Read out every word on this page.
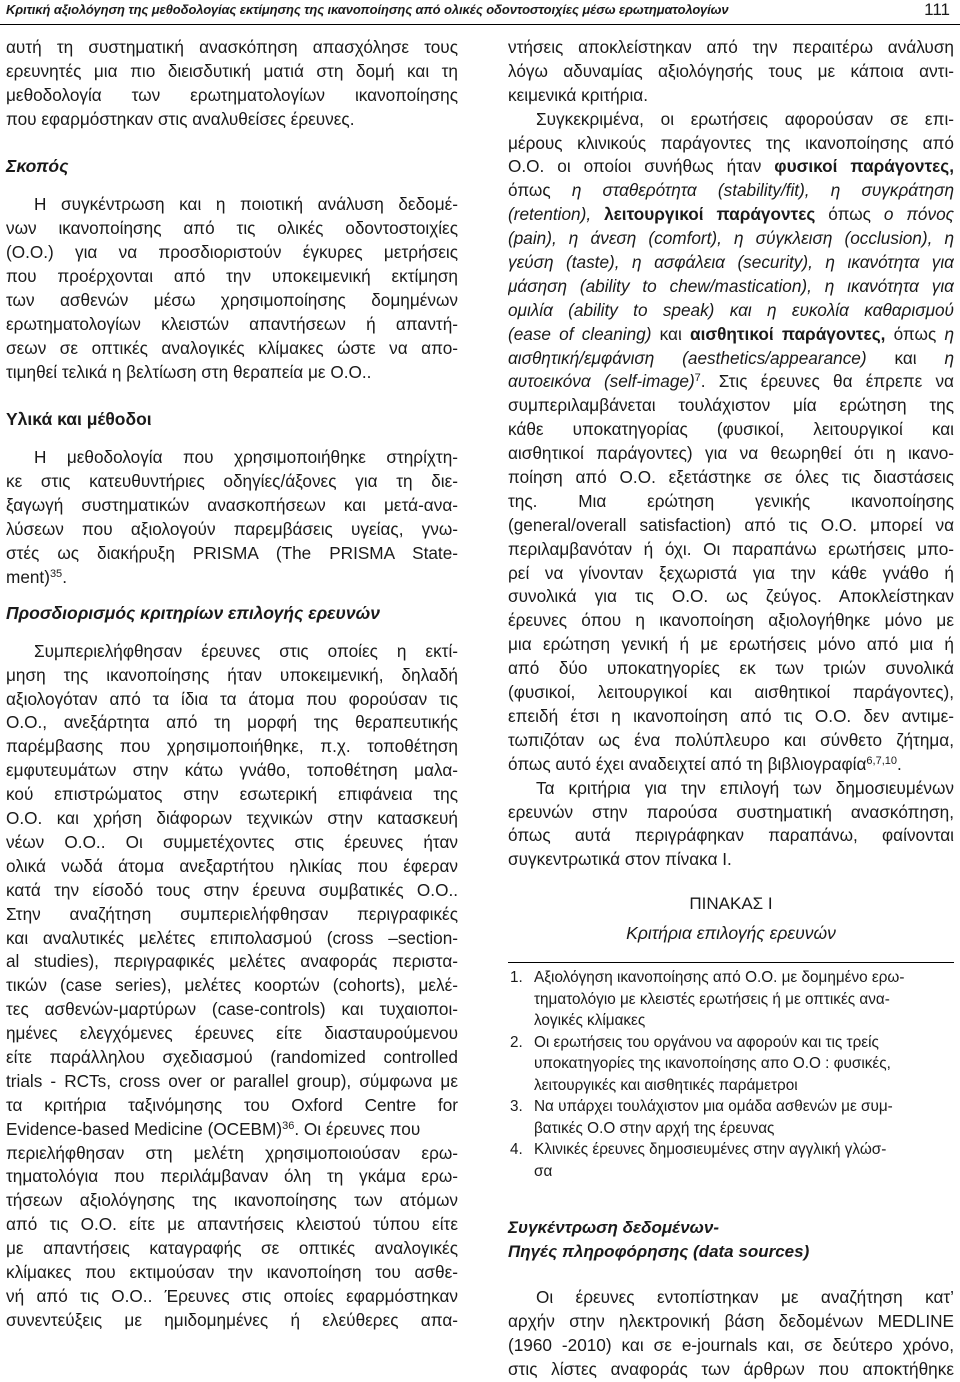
Κριτική αξιολόγηση της μεθοδολογίας εκτίμησης της ικανοποίησης από ολικές οδοντοστοιχίες μέσω ερωτηματολογίων	111
αυτή τη συστηματική ανασκόπηση απασχόλησε τους
ερευνητές μια πιο διεισδυτική ματιά στη δομή και τη
μεθοδολογία των ερωτηματολογίων ικανοποίησης
που εφαρμόστηκαν στις αναλυθείσες έρευνες.
Σκοπός
Η συγκέντρωση και η ποιοτική ανάλυση δεδομέ-
νων ικανοποίησης από τις ολικές οδοντοστοιχίες
(Ο.Ο.) για να προσδιοριστούν έγκυρες μετρήσεις
που προέρχονται από την υποκειμενική εκτίμηση
των ασθενών μέσω χρησιμοποίησης δομημένων
ερωτηματολογίων κλειστών απαντήσεων ή απαντή-
σεων σε οπτικές αναλογικές κλίμακες ώστε να απο-
τιμηθεί τελικά η βελτίωση στη θεραπεία με Ο.Ο..
Υλικά και μέθοδοι
Η μεθοδολογία που χρησιμοποιήθηκε στηρίχτη-
κε στις κατευθυντήριες οδηγίες/άξονες για τη διε-
ξαγωγή συστηματικών ανασκοπήσεων και μετά-ανα-
λύσεων που αξιολογούν παρεμβάσεις υγείας, γνω-
στές ως διακήρυξη PRISMA (The PRISMA State-
ment)$^{35}$.
Προσδιορισμός κριτηρίων επιλογής ερευνών
Συμπεριελήφθησαν έρευνες στις οποίες η εκτί-
μηση της ικανοποίησης ήταν υποκειμενική, δηλαδή
αξιολογόταν από τα ίδια τα άτομα που φορούσαν τις
Ο.Ο., ανεξάρτητα από τη μορφή της θεραπευτικής
παρέμβασης που χρησιμοποιήθηκε, π.χ. τοποθέτηση
εμφυτευμάτων στην κάτω γνάθο, τοποθέτηση μαλα-
κού επιστρώματος στην εσωτερική επιφάνεια της
Ο.Ο. και χρήση διάφορων τεχνικών στην κατασκευή
νέων Ο.Ο.. Οι συμμετέχοντες στις έρευνες ήταν
ολικά νωδά άτομα ανεξαρτήτου ηλικίας που έφεραν
κατά την είσοδό τους στην έρευνα συμβατικές Ο.Ο..
Στην αναζήτηση συμπεριελήφθησαν περιγραφικές
και αναλυτικές μελέτες επιπολασμού (cross –section-
al studies), περιγραφικές μελέτες αναφοράς περιστα-
τικών (case series), μελέτες κοορτών (cohorts), μελέ-
τες ασθενών-μαρτύρων (case-controls) και τυχαιοποι-
ημένες ελεγχόμενες έρευνες είτε διασταυρούμενου
είτε παράλληλου σχεδιασμού (randomized controlled
trials - RCTs, cross over or parallel group), σύμφωνα με
τα κριτήρια ταξινόμησης του Oxford Centre for
Evidence-based Medicine (OCEBM)$^{36}$. Οι έρευνες που
περιελήφθησαν στη μελέτη χρησιμοποιούσαν ερω-
τηματολόγια που περιλάμβαναν όλη τη γκάμα ερω-
τήσεων αξιολόγησης της ικανοποίησης των ατόμων
από τις Ο.Ο. είτε με απαντήσεις κλειστού τύπου είτε
με απαντήσεις καταγραφής σε οπτικές αναλογικές
κλίμακες που εκτιμούσαν την ικανοποίηση του ασθε-
νή από τις Ο.Ο.. Έρευνες στις οποίες εφαρμόστηκαν
συνεντεύξεις με ημιδομημένες ή ελεύθερες απα-
ντήσεις αποκλείστηκαν από την περαιτέρω ανάλυση
λόγω αδυναμίας αξιολόγησής τους με κάποια αντι-
κειμενικά κριτήρια.
Συγκεκριμένα, οι ερωτήσεις αφορούσαν σε επι-
μέρους κλινικούς παράγοντες της ικανοποίησης από
Ο.Ο. οι οποίοι συνήθως ήταν φυσικοί παράγοντες,
όπως η σταθερότητα (stability/fit), η συγκράτηση
(retention), λειτουργικοί παράγοντες όπως ο πόνος
(pain), η άνεση (comfort), η σύγκλειση (occlusion), η
γεύση (taste), η ασφάλεια (security), η ικανότητα για
μάσηση (ability to chew/mastication), η ικανότητα για
ομιλία (ability to speak) και η ευκολία καθαρισμού
(ease of cleaning) και αισθητικοί παράγοντες, όπως η
αισθητική/εμφάνιση (aesthetics/appearance) και η
αυτοεικόνα (self-image)$^7$. Στις έρευνες θα έπρεπε να
συμπεριλαμβάνεται τουλάχιστον μία ερώτηση της
κάθε υποκατηγορίας (φυσικοί, λειτουργικοί και
αισθητικοί παράγοντες) για να θεωρηθεί ότι η ικανο-
ποίηση από Ο.Ο. εξετάστηκε σε όλες τις διαστάσεις
της. Μια ερώτηση γενικής ικανοποίησης
(general/overall satisfaction) από τις Ο.Ο. μπορεί να
περιλαμβανόταν ή όχι. Οι παραπάνω ερωτήσεις μπο-
ρεί να γίνονταν ξεχωριστά για την κάθε γνάθο ή
συνολικά για τις Ο.Ο. ως ζεύγος. Αποκλείστηκαν
έρευνες όπου η ικανοποίηση αξιολογήθηκε μόνο με
μια ερώτηση γενική ή με ερωτήσεις μόνο από μια ή
από δύο υποκατηγορίες εκ των τριών συνολικά
(φυσικοί, λειτουργικοί και αισθητικοί παράγοντες),
επειδή έτσι η ικανοποίηση από τις Ο.Ο. δεν αντιμε-
τωπιζόταν ως ένα πολύπλευρο και σύνθετο ζήτημα,
όπως αυτό έχει αναδειχτεί από τη βιβλιογραφία$^{6,7,10}$.
Τα κριτήρια για την επιλογή των δημοσιευμένων
ερευνών στην παρούσα συστηματική ανασκόπηση,
όπως αυτά περιγράφηκαν παραπάνω, φαίνονται
συγκεντρωτικά στον πίνακα Ι.
ΠΙΝΑΚΑΣ Ι
Κριτήρια επιλογής ερευνών
1. Αξιολόγηση ικανοποίησης από Ο.Ο. με δομημένο ερω-
τηματολόγιο με κλειστές ερωτήσεις ή με οπτικές ανα-
λογικές κλίμακες
2. Οι ερωτήσεις του οργάνου να αφορούν και τις τρείς
υποκατηγορίες της ικανοποίησης απο Ο.Ο : φυσικές,
λειτουργικές και αισθητικές παράμετροι
3. Να υπάρχει τουλάχιστον μια ομάδα ασθενών με συμ-
βατικές Ο.Ο στην αρχή της έρευνας
4. Κλινικές έρευνες δημοσιευμένες στην αγγλική γλώσ-
σα
Συγκέντρωση δεδομένων-
Πηγές πληροφόρησης (data sources)
Οι έρευνες εντοπίστηκαν με αναζήτηση κατ’
αρχήν στην ηλεκτρονική βάση δεδομένων MEDLINE
(1960 -2010) και σε e-journals και, σε δεύτερο χρόνο,
στις λίστες αναφοράς των άρθρων που αποκτήθηκε
